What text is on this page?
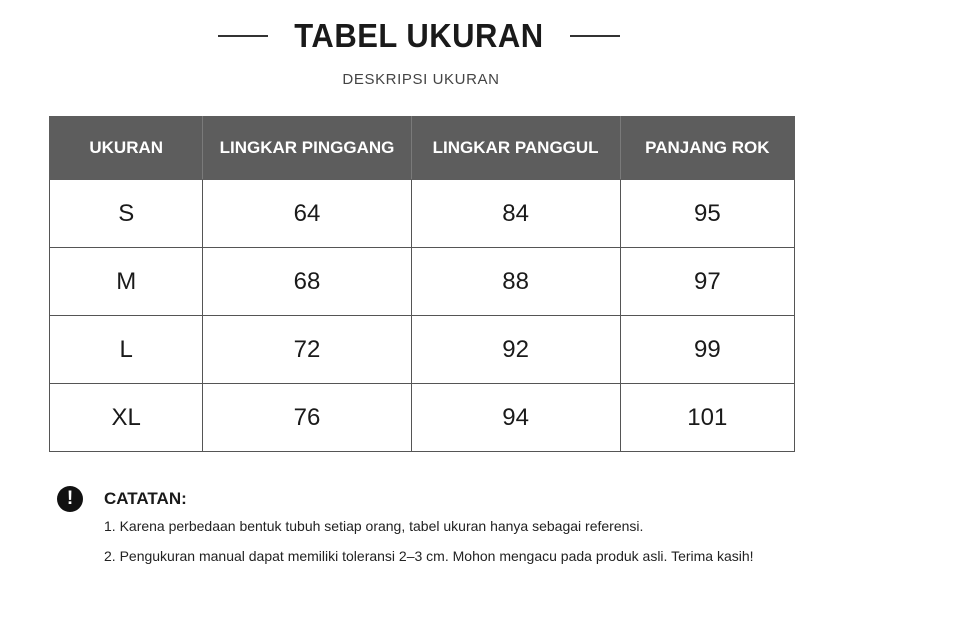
TABEL UKURAN
DESKRIPSI UKURAN
UKURAN	LINGKAR PINGGANG	LINGKAR PANGGUL	PANJANG ROK
S	64	84	95
M	68	88	97
L	72	92	99
XL	76	94	101
!	CATATAN:
1. Karena perbedaan bentuk tubuh setiap orang, tabel ukuran hanya sebagai referensi.
2. Pengukuran manual dapat memiliki toleransi 2–3 cm. Mohon mengacu pada produk asli. Terima kasih!
